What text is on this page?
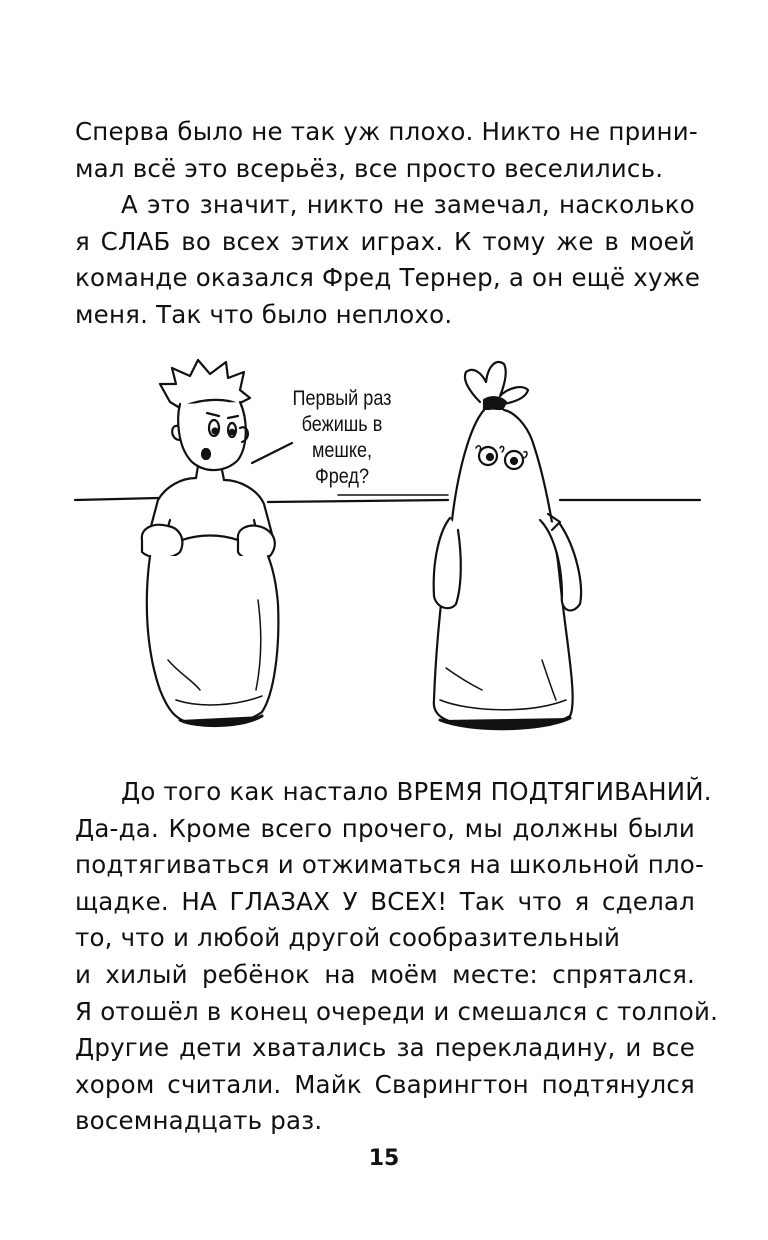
Сперва было не так уж плохо. Никто не прини-
мал всё это всерьёз, все просто веселились.
А это значит, никто не замечал, насколько
я СЛАБ во всех этих играх. К тому же в моей
команде оказался Фред Тернер, а он ещё хуже
меня. Так что было неплохо.
Первый раз
бежишь в мешке,
Фред?
До того как настало ВРЕМЯ ПОДТЯГИВАНИЙ.
Да-да. Кроме всего прочего, мы должны были
подтягиваться и отжиматься на школьной пло-
щадке. НА ГЛАЗАХ У ВСЕХ! Так что я сделал
то, что и любой другой сообразительный
и хилый ребёнок на моём месте: спрятался.
Я отошёл в конец очереди и смешался с толпой.
Другие дети хватались за перекладину, и все
хором считали. Майк Сварингтон подтянулся
восемнадцать раз.
15
